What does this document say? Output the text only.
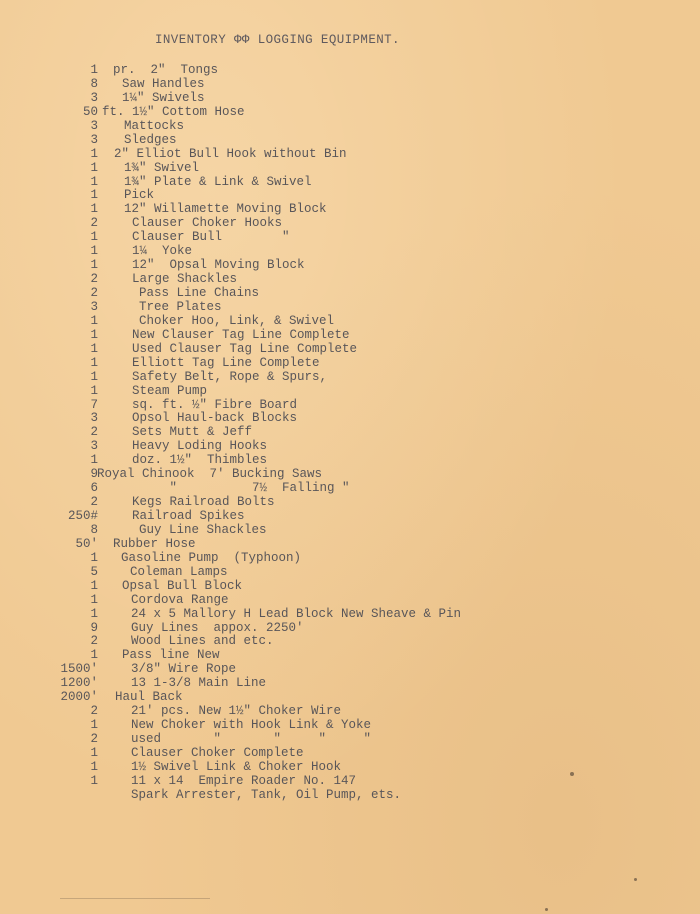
INVENTORY ΦΦ LOGGING EQUIPMENT.
1 pr.  2"  Tongs
8 Saw Handles
3 1¼" Swivels
50 ft. 1½" Cottom Hose
3 Mattocks
3 Sledges
1 2" Elliot Bull Hook without Bin
1 1¾" Swivel
1 1¾" Plate & Link & Swivel
1 Pick
1 12" Willamette Moving Block
2	Clauser Choker Hooks
1	Clauser Bull        "
1	1¼  Yoke
1	12"  Opsal Moving Block
2	Large Shackles
2	Pass Line Chains
3	Tree Plates
1	Choker Hoo, Link, & Swivel
1	New Clauser Tag Line Complete
1	Used Clauser Tag Line Complete
1	Elliott Tag Line Complete
1	Safety Belt, Rope & Spurs,
1	Steam Pump
7	sq. ft. ½" Fibre Board
3	Opsol Haul-back Blocks
2	Sets Mutt & Jeff
3	Heavy Loding Hooks
1	doz. 1½"  Thimbles
9 Royal Chinook  7' Bucking Saws
6	"          7½  Falling "
2	Kegs Railroad Bolts
250#	Railroad Spikes
8	Guy Line Shackles
50' Rubber Hose
1 Gasoline Pump  (Typhoon)
5	Coleman Lamps
1 Opsal Bull Block
1	Cordova Range
1	24 x 5 Mallory H Lead Block New Sheave & Pin
9	Guy Lines  appox. 2250'
2	Wood Lines and etc.
1 Pass line New
1500'	3/8" Wire Rope
1200'	13 1-3/8 Main Line
2000' Haul Back
2	21' pcs. New 1½" Choker Wire
1	New Choker with Hook Link & Yoke
2	used       "       "     "     "
1	Clauser Choker Complete
1	1½ Swivel Link & Choker Hook
1	11 x 14  Empire Roader No. 147
Spark Arrester, Tank, Oil Pump, ets.
